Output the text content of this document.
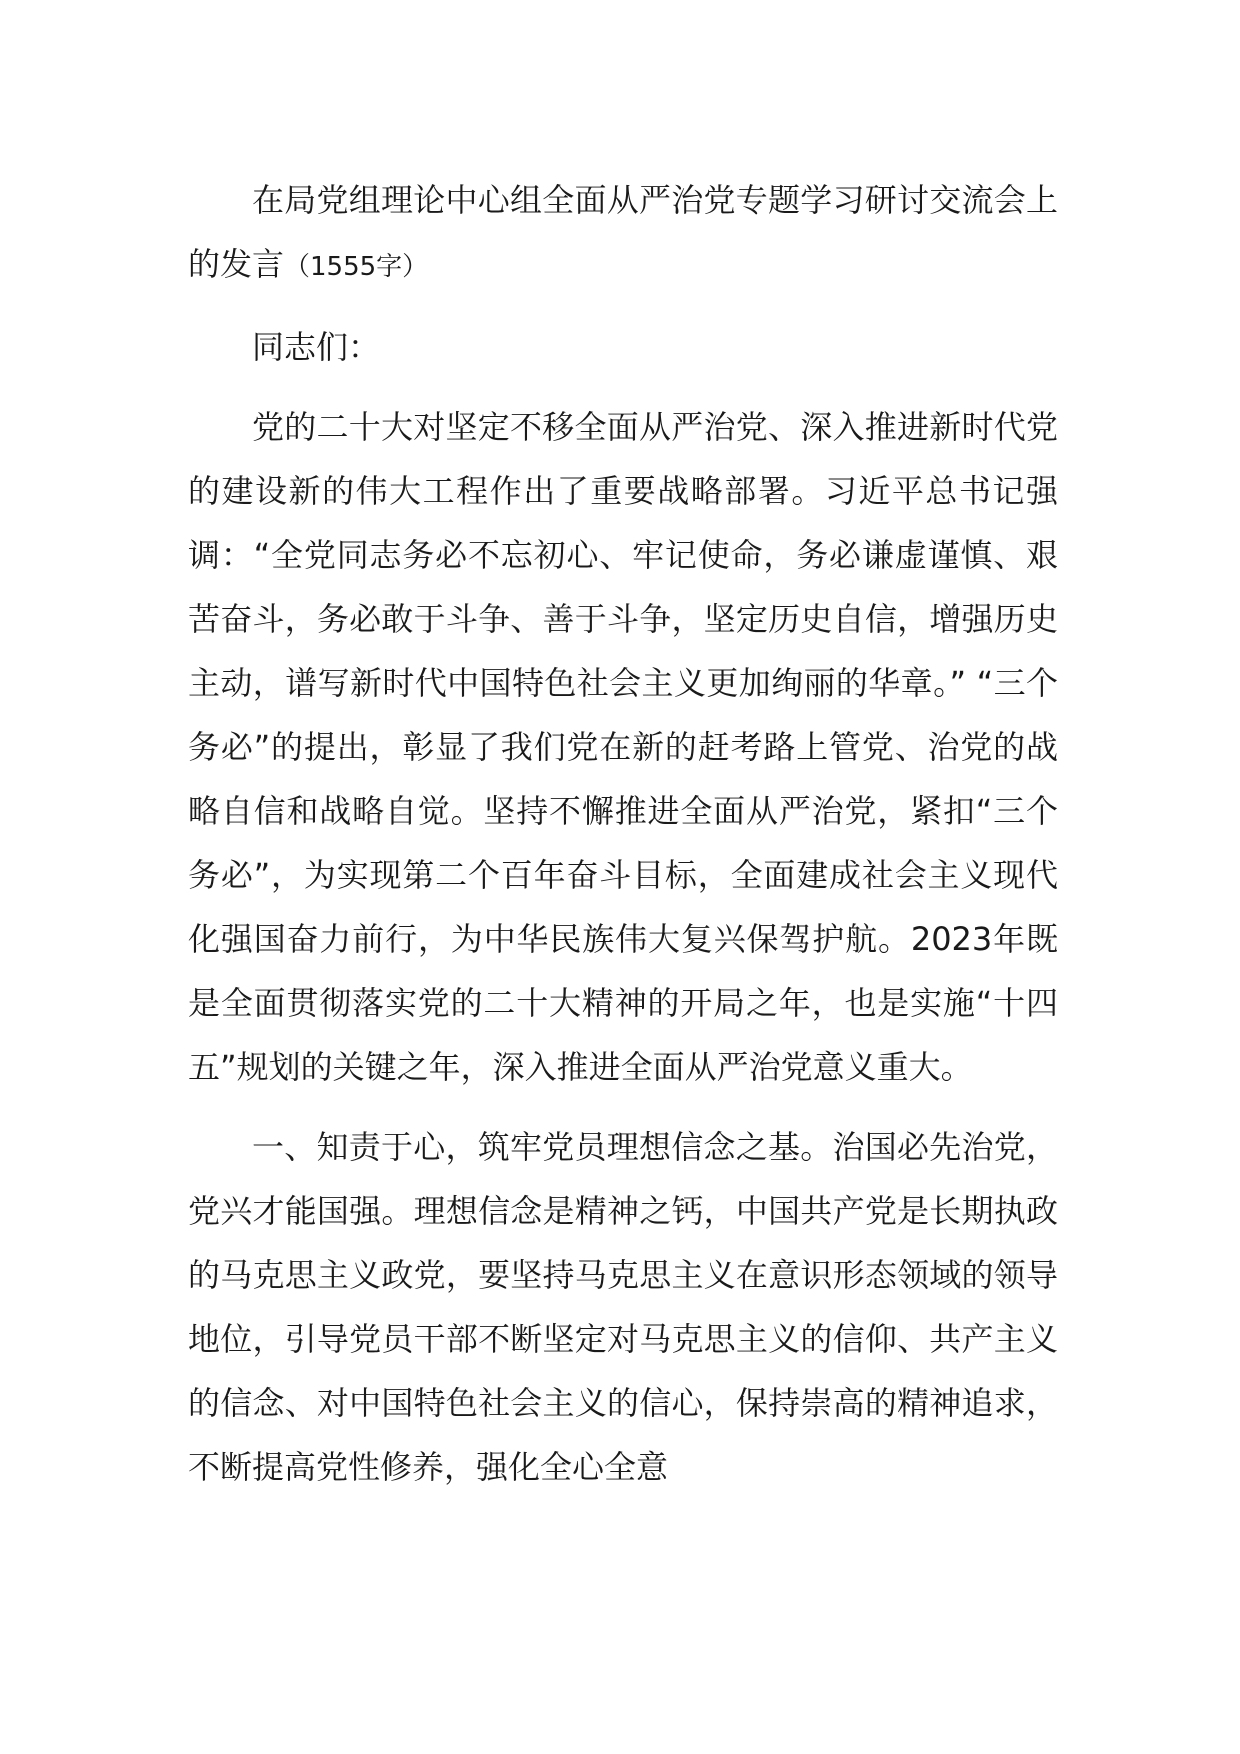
在局党组理论中心组全面从严治党专题学习研讨交流会上的发言（1555字）

同志们：

党的二十大对坚定不移全面从严治党、深入推进新时代党的建设新的伟大工程作出了重要战略部署。习近平总书记强调：“全党同志务必不忘初心、牢记使命，务必谦虚谨慎、艰苦奋斗，务必敢于斗争、善于斗争，坚定历史自信，增强历史主动，谱写新时代中国特色社会主义更加绚丽的华章。” “三个务必”的提出，彰显了我们党在新的赶考路上管党、治党的战略自信和战略自觉。坚持不懈推进全面从严治党，紧扣“三个务必”，为实现第二个百年奋斗目标，全面建成社会主义现代化强国奋力前行，为中华民族伟大复兴保驾护航。2023年既是全面贯彻落实党的二十大精神的开局之年，也是实施“十四五”规划的关键之年，深入推进全面从严治党意义重大。

一、知责于心，筑牢党员理想信念之基。治国必先治党，党兴才能国强。理想信念是精神之钙，中国共产党是长期执政的马克思主义政党，要坚持马克思主义在意识形态领域的领导地位，引导党员干部不断坚定对马克思主义的信仰、共产主义的信念、对中国特色社会主义的信心，保持崇高的精神追求，不断提高党性修养，强化全心全意
